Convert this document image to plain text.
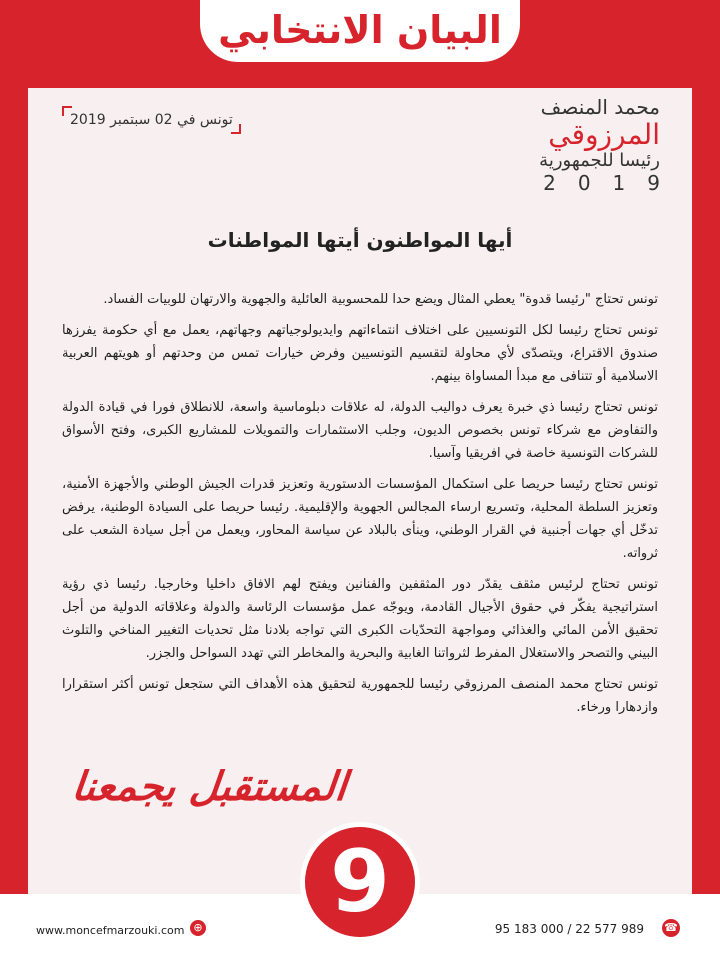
البيان الانتخابي
تونس في 02 سبتمبر 2019
محمد المنصف
المرزوقي
رئيسا للجمهورية
2019
أيها المواطنون أيتها المواطنات

تونس تحتاج "رئيسا قدوة" يعطي المثال ويضع حدا للمحسوبية العائلية والجهوية والارتهان للوبيات الفساد.

تونس تحتاج رئيسا لكل التونسيين على اختلاف انتماءاتهم وايديولوجياتهم وجهاتهم، يعمل مع أي حكومة يفرزها صندوق الاقتراع، ويتصدّى لأي محاولة لتقسيم التونسيين وفرض خيارات تمس من وحدتهم أو هويتهم العربية الاسلامية أو تتنافى مع مبدأ المساواة بينهم.

تونس تحتاج رئيسا ذي خبرة يعرف دواليب الدولة، له علاقات دبلوماسية واسعة، للانطلاق فورا في قيادة الدولة والتفاوض مع شركاء تونس بخصوص الديون، وجلب الاستثمارات والتمويلات للمشاريع الكبرى، وفتح الأسواق للشركات التونسية خاصة في افريقيا وآسيا.

تونس تحتاج رئيسا حريصا على استكمال المؤسسات الدستورية وتعزيز قدرات الجيش الوطني والأجهزة الأمنية، وتعزيز السلطة المحلية، وتسريع ارساء المجالس الجهوية والإقليمية. رئيسا حريصا على السيادة الوطنية، يرفض تدخّل أي جهات أجنبية في القرار الوطني، وينأى بالبلاد عن سياسة المحاور، ويعمل من أجل سيادة الشعب على ثرواته.

تونس تحتاج لرئيس مثقف يقدّر دور المثقفين والفنانين ويفتح لهم الافاق داخليا وخارجيا. رئيسا ذي رؤية استراتيجية يفكّر في حقوق الأجيال القادمة، ويوجّه عمل مؤسسات الرئاسة والدولة وعلاقاته الدولية من أجل تحقيق الأمن المائي والغذائي ومواجهة التحدّيات الكبرى التي تواجه بلادنا مثل تحديات التغيير المناخي والتلوث البيني والتصحر والاستغلال المفرط لثرواتنا الغابية والبحرية والمخاطر التي تهدد السواحل والجزر.

تونس تحتاج محمد المنصف المرزوقي رئيسا للجمهورية لتحقيق هذه الأهداف التي ستجعل تونس أكثر استقرارا وازدهارا ورخاء.

المستقبل يجمعنا
www.moncefmarzouki.com ⊕	95 183 000 / 22 577 989 ☎
9
